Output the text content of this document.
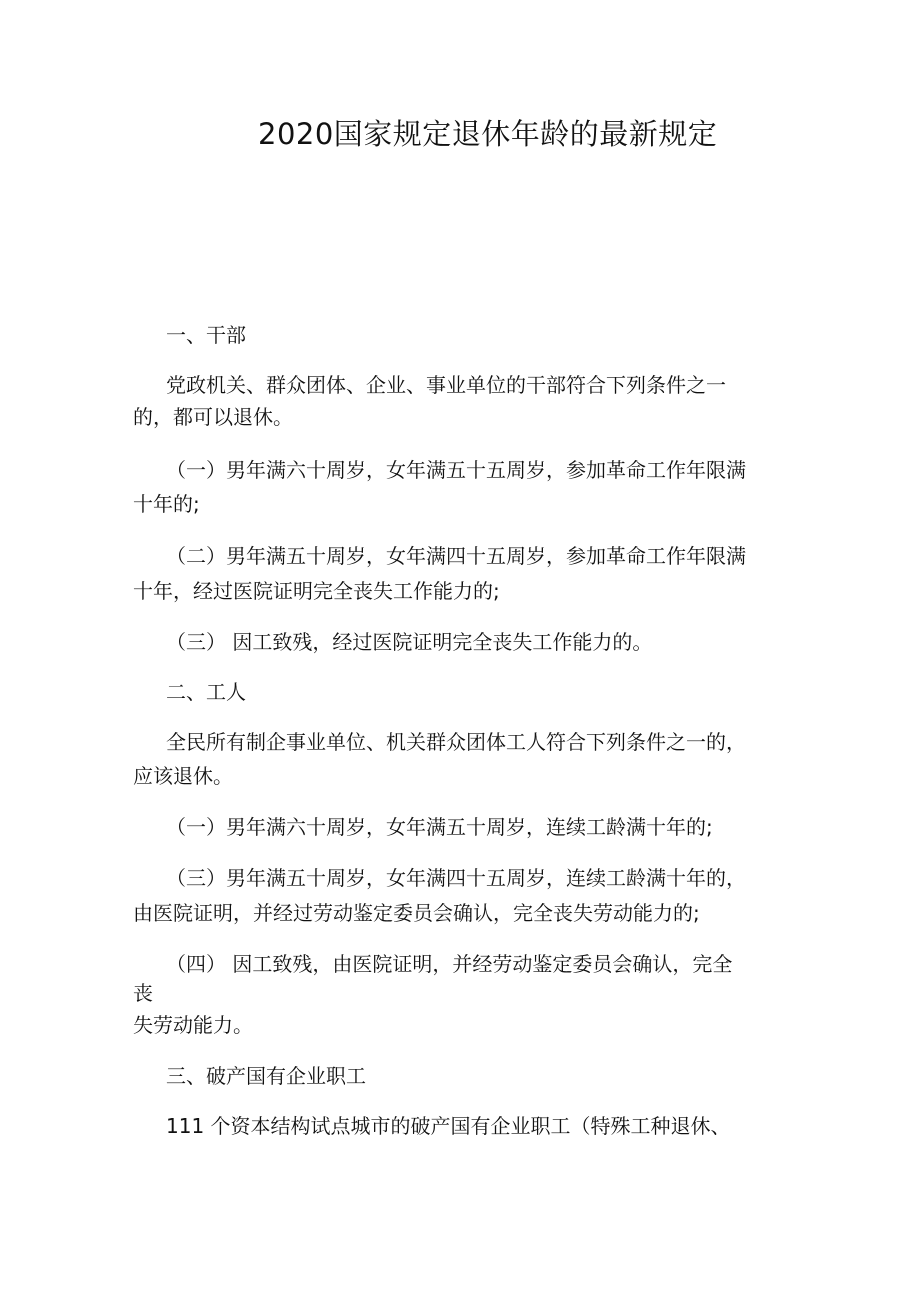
2020国家规定退休年龄的最新规定
一、干部
党政机关、群众团体、企业、事业单位的干部符合下列条件之一
的，都可以退休。
（一）男年满六十周岁，女年满五十五周岁，参加革命工作年限满
十年的;
（二）男年满五十周岁，女年满四十五周岁，参加革命工作年限满
十年，经过医院证明完全丧失工作能力的;
（三） 因工致残，经过医院证明完全丧失工作能力的。
二、工人
全民所有制企事业单位、机关群众团体工人符合下列条件之一的，
应该退休。
（一）男年满六十周岁，女年满五十周岁，连续工龄满十年的;
（三）男年满五十周岁，女年满四十五周岁，连续工龄满十年的，
由医院证明，并经过劳动鉴定委员会确认，完全丧失劳动能力的;
（四） 因工致残，由医院证明，并经劳动鉴定委员会确认，完全
丧
失劳动能力。
三、破产国有企业职工
111 个资本结构试点城市的破产国有企业职工（特殊工种退休、
